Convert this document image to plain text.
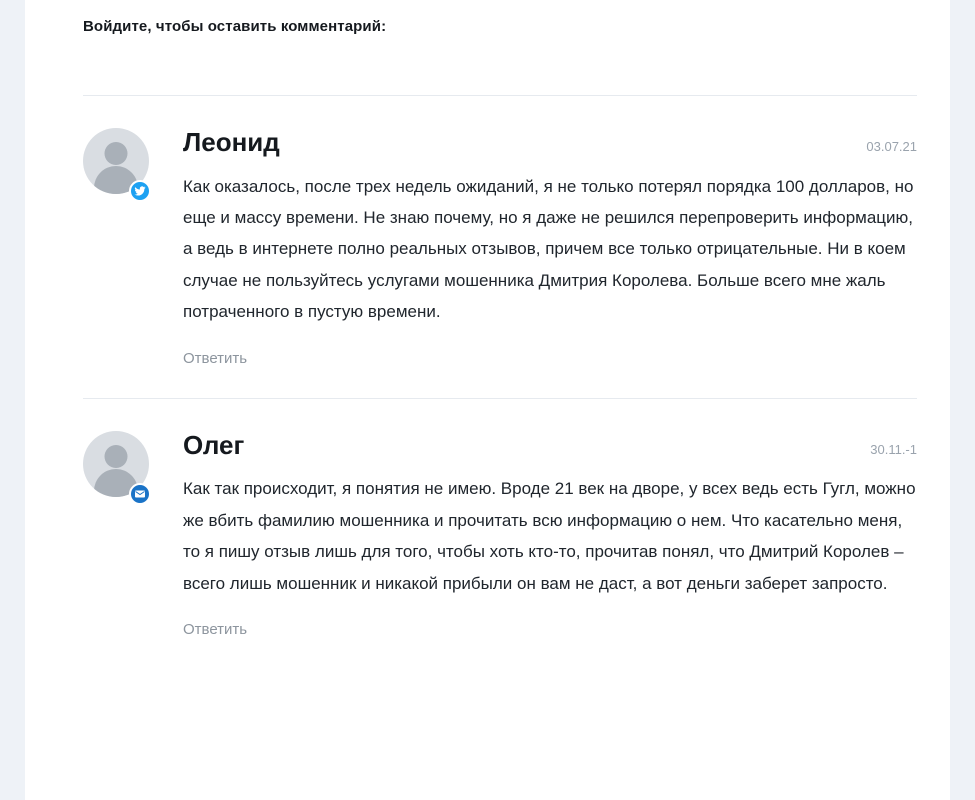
Войдите, чтобы оставить комментарий:
Леонид	03.07.21

Как оказалось, после трех недель ожиданий, я не только потерял порядка 100 долларов, но еще и массу времени. Не знаю почему, но я даже не решился перепроверить информацию, а ведь в интернете полно реальных отзывов, причем все только отрицательные. Ни в коем случае не пользуйтесь услугами мошенника Дмитрия Королева. Больше всего мне жаль потраченного в пустую времени.

Ответить
Олег	30.11.-1

Как так происходит, я понятия не имею. Вроде 21 век на дворе, у всех ведь есть Гугл, можно же вбить фамилию мошенника и прочитать всю информацию о нем. Что касательно меня, то я пишу отзыв лишь для того, чтобы хоть кто-то, прочитав понял, что Дмитрий Королев – всего лишь мошенник и никакой прибыли он вам не даст, а вот деньги заберет запросто.

Ответить
